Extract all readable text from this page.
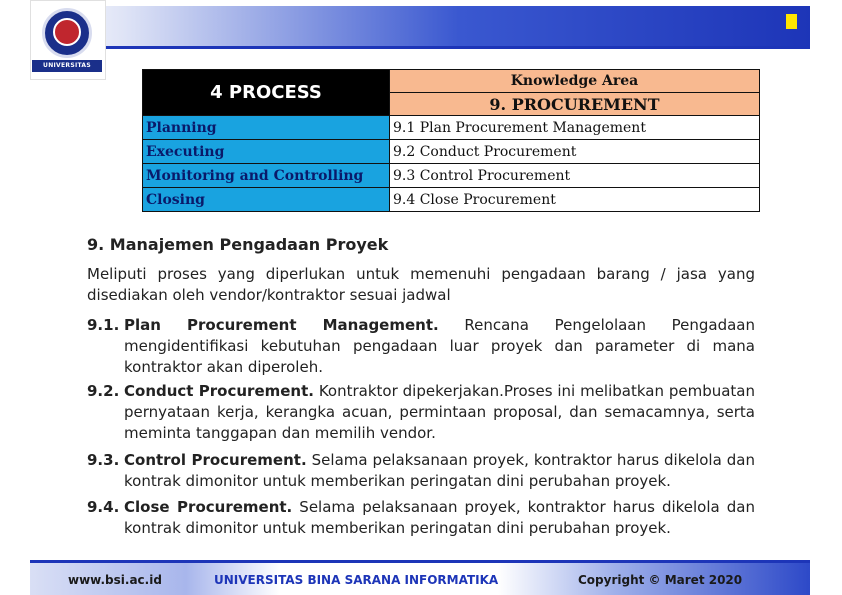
UNIVERSITAS
4 PROCESS	Knowledge Area
	9. PROCUREMENT
Planning	9.1 Plan Procurement Management
Executing	9.2 Conduct Procurement
Monitoring and Controlling	9.3 Control Procurement
Closing	9.4 Close Procurement
9. Manajemen Pengadaan Proyek
Meliputi proses yang diperlukan untuk memenuhi pengadaan barang / jasa yang disediakan oleh vendor/kontraktor sesuai jadwal
9.1. Plan Procurement Management. Rencana Pengelolaan Pengadaan mengidentifikasi kebutuhan pengadaan luar proyek dan parameter di mana kontraktor akan diperoleh.
9.2. Conduct Procurement. Kontraktor dipekerjakan.Proses ini melibatkan pembuatan pernyataan kerja, kerangka acuan, permintaan proposal, dan semacamnya, serta meminta tanggapan dan memilih vendor.
9.3. Control Procurement. Selama pelaksanaan proyek, kontraktor harus dikelola dan kontrak dimonitor untuk memberikan peringatan dini perubahan proyek.
9.4. Close Procurement. Selama pelaksanaan proyek, kontraktor harus dikelola dan kontrak dimonitor untuk memberikan peringatan dini perubahan proyek.
www.bsi.ac.id	UNIVERSITAS BINA SARANA INFORMATIKA	Copyright © Maret 2020
